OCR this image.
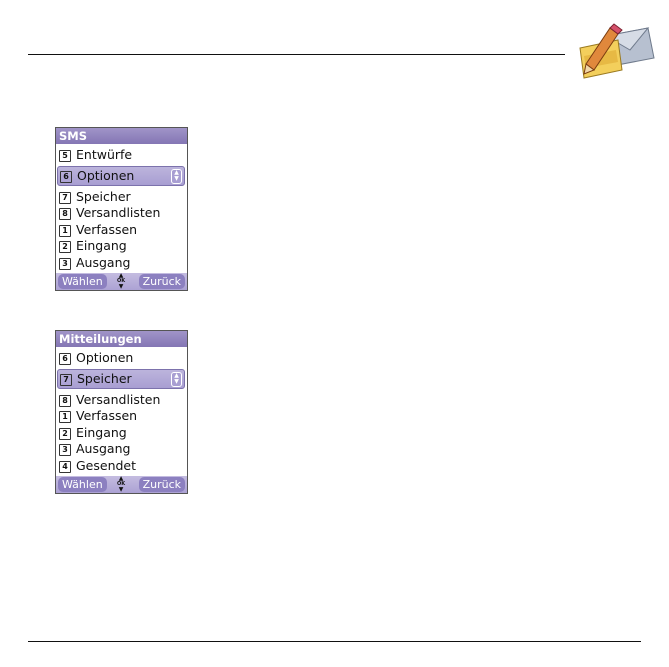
SMS
5 Entwürfe
6 Optionen	▲
▼
7 Speicher
8 Versandlisten
1 Verfassen
2 Eingang
3 Ausgang
Wählen	▲
OK
▼	Zurück
Mitteilungen
6 Optionen
7 Speicher	▲
▼
8 Versandlisten
1 Verfassen
2 Eingang
3 Ausgang
4 Gesendet
Wählen	▲
OK
▼	Zurück
